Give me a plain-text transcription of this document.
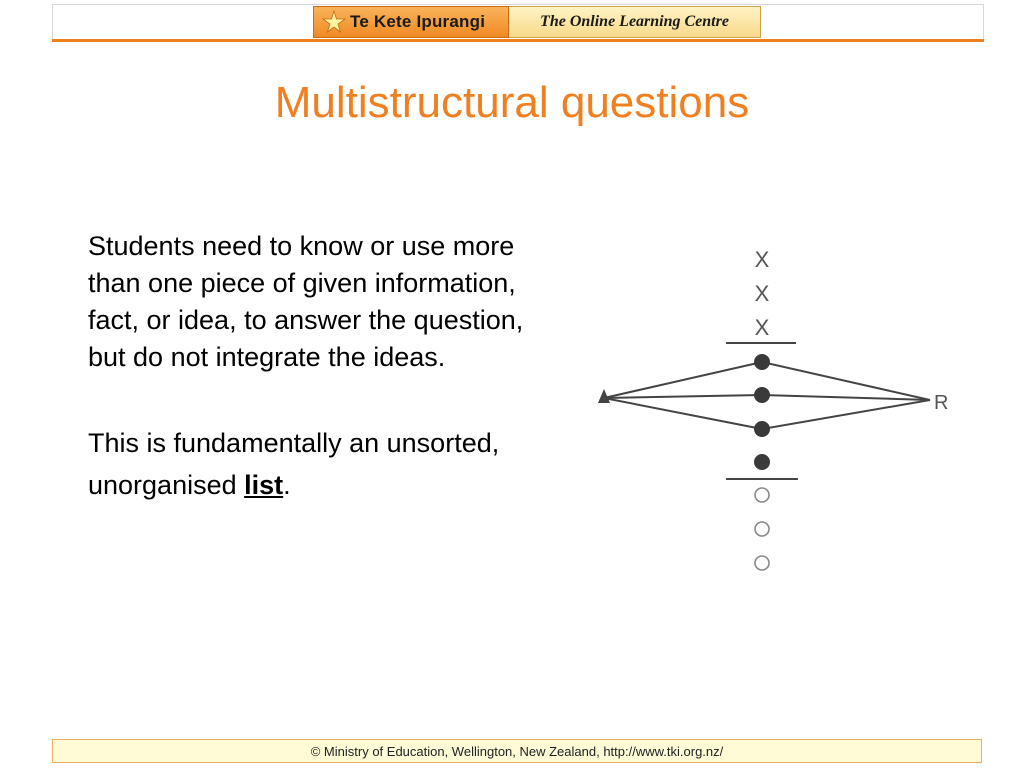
Te Kete Ipurangi	The Online Learning Centre
Multistructural questions
Students need to know or use more than one piece of given information, fact, or idea, to answer the question, but do not integrate the ideas.
This is fundamentally an unsorted, unorganised list.
X
X
X
R
© Ministry of Education, Wellington, New Zealand, http://www.tki.org.nz/
